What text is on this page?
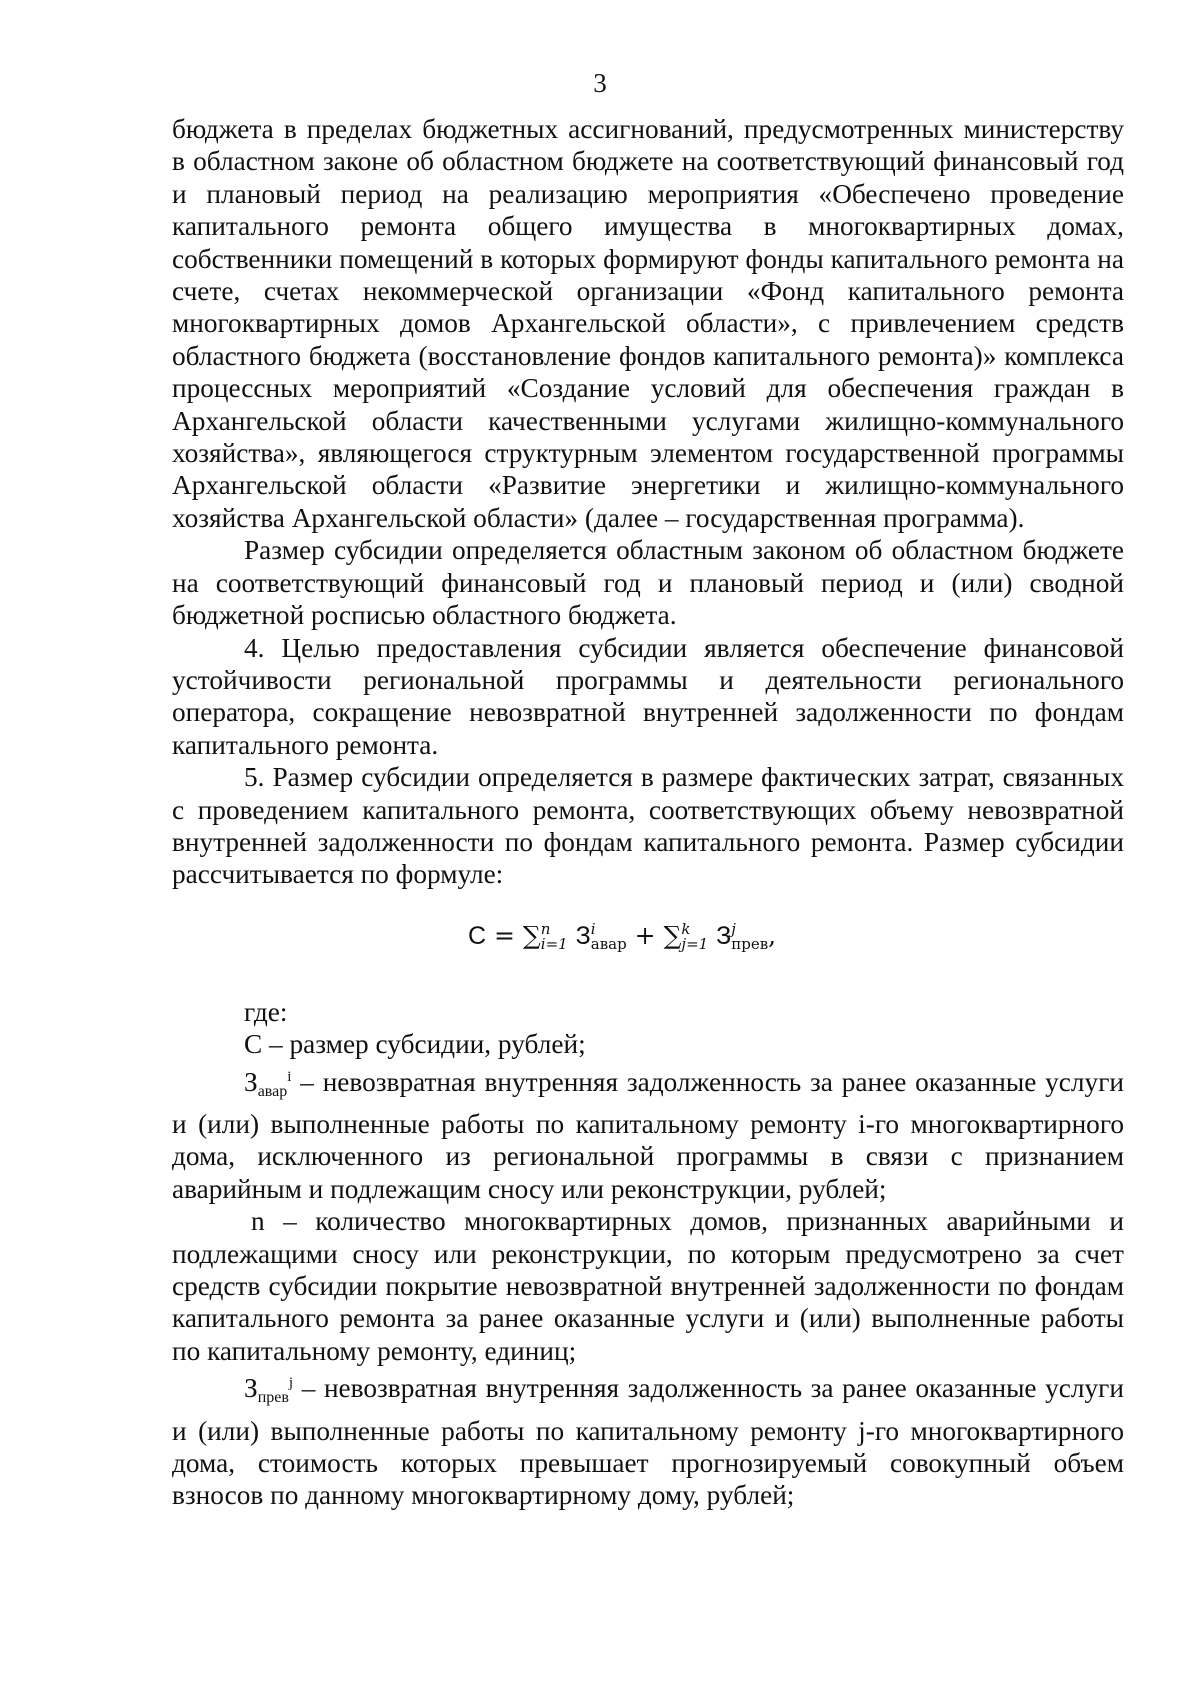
3

бюджета в пределах бюджетных ассигнований, предусмотренных министерству в областном законе об областном бюджете на соответствующий финансовый год и плановый период на реализацию мероприятия «Обеспечено проведение капитального ремонта общего имущества в многоквартирных домах, собственники помещений в которых формируют фонды капитального ремонта на счете, счетах некоммерческой организации «Фонд капитального ремонта многоквартирных домов Архангельской области», с привлечением средств областного бюджета (восстановление фондов капитального ремонта)» комплекса процессных мероприятий «Создание условий для обеспечения граждан в Архангельской области качественными услугами жилищно-коммунального хозяйства», являющегося структурным элементом государственной программы Архангельской области «Развитие энергетики и жилищно-коммунального хозяйства Архангельской области» (далее – государственная программа).

Размер субсидии определяется областным законом об областном бюджете на соответствующий финансовый год и плановый период и (или) сводной бюджетной росписью областного бюджета.

4. Целью предоставления субсидии является обеспечение финансовой устойчивости региональной программы и деятельности регионального оператора, сокращение невозвратной внутренней задолженности по фондам капитального ремонта.

5. Размер субсидии определяется в размере фактических затрат, связанных с проведением капитального ремонта, соответствующих объему невозвратной внутренней задолженности по фондам капитального ремонта. Размер субсидии рассчитывается по формуле:

С = ∑ n
i=1 З i
авар + ∑ k
j=1 З j
прев ,

где:

С – размер субсидии, рублей;

Завар$^i$ – невозвратная внутренняя задолженность за ранее оказанные услуги и (или) выполненные работы по капитальному ремонту i-го многоквартирного дома, исключенного из региональной программы в связи с признанием аварийным и подлежащим сносу или реконструкции, рублей;

n – количество многоквартирных домов, признанных аварийными и подлежащими сносу или реконструкции, по которым предусмотрено за счет средств субсидии покрытие невозвратной внутренней задолженности по фондам капитального ремонта за ранее оказанные услуги и (или) выполненные работы по капитальному ремонту, единиц;

Зпрев$^j$ – невозвратная внутренняя задолженность за ранее оказанные услуги и (или) выполненные работы по капитальному ремонту j-го многоквартирного дома, стоимость которых превышает прогнозируемый совокупный объем взносов по данному многоквартирному дому, рублей;
